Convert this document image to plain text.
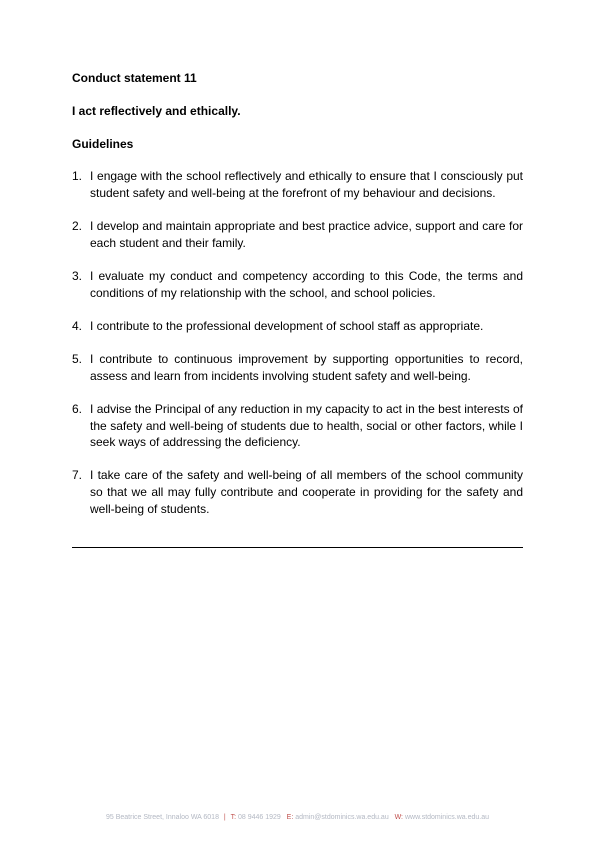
Conduct statement 11

I act reflectively and ethically.

Guidelines

1. I engage with the school reflectively and ethically to ensure that I consciously put student safety and well-being at the forefront of my behaviour and decisions.
2. I develop and maintain appropriate and best practice advice, support and care for each student and their family.
3. I evaluate my conduct and competency according to this Code, the terms and conditions of my relationship with the school, and school policies.
4. I contribute to the professional development of school staff as appropriate.
5. I contribute to continuous improvement by supporting opportunities to record, assess and learn from incidents involving student safety and well-being.
6. I advise the Principal of any reduction in my capacity to act in the best interests of the safety and well-being of students due to health, social or other factors, while I seek ways of addressing the deficiency.
7. I take care of the safety and well-being of all members of the school community so that we all may fully contribute and cooperate in providing for the safety and well-being of students.
95 Beatrice Street, Innaloo WA 6018 | T: 08 9446 1929 E: admin@stdominics.wa.edu.au W: www.stdominics.wa.edu.au
